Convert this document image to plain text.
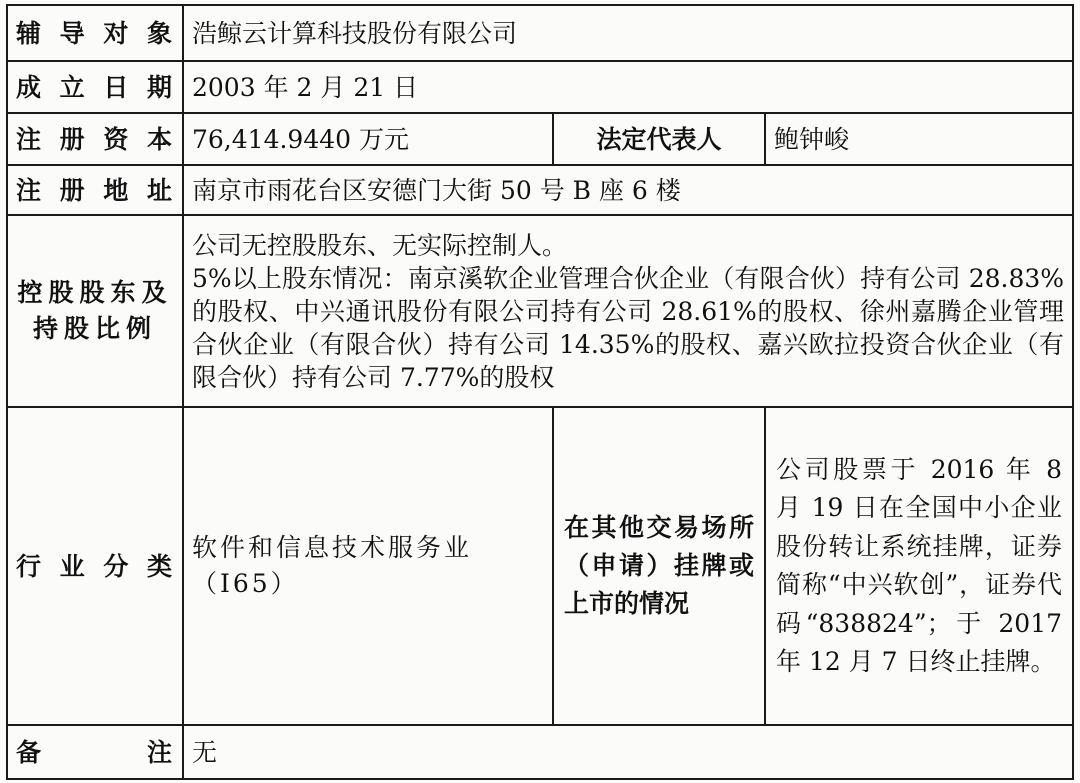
辅导对象	浩鲸云计算科技股份有限公司		
成立日期	2003 年 2 月 21 日		
注册资本	76,414.9440 万元	法定代表人	鲍钟峻
注册地址	南京市雨花台区安德门大街 50 号 B 座 6 楼		
控股股东及持股比例	公司无控股股东、无实际控制人。
5%以上股东情况：南京溪软企业管理合伙企业（有限合伙）持有公司 28.83%的股权、中兴通讯股份有限公司持有公司 28.61%的股权、徐州嘉腾企业管理合伙企业（有限合伙）持有公司 14.35%的股权、嘉兴欧拉投资合伙企业（有限合伙）持有公司 7.77%的股权		

行业分类	软件和信息技术服务业（I65）	在其他交易场所（申请）挂牌或上市的情况	公司股票于 2016 年 8 月 19 日在全国中小企业股份转让系统挂牌，证券简称“中兴软创”，证券代码“838824”；于 2017 年 12 月 7 日终止挂牌。
备注	无		
